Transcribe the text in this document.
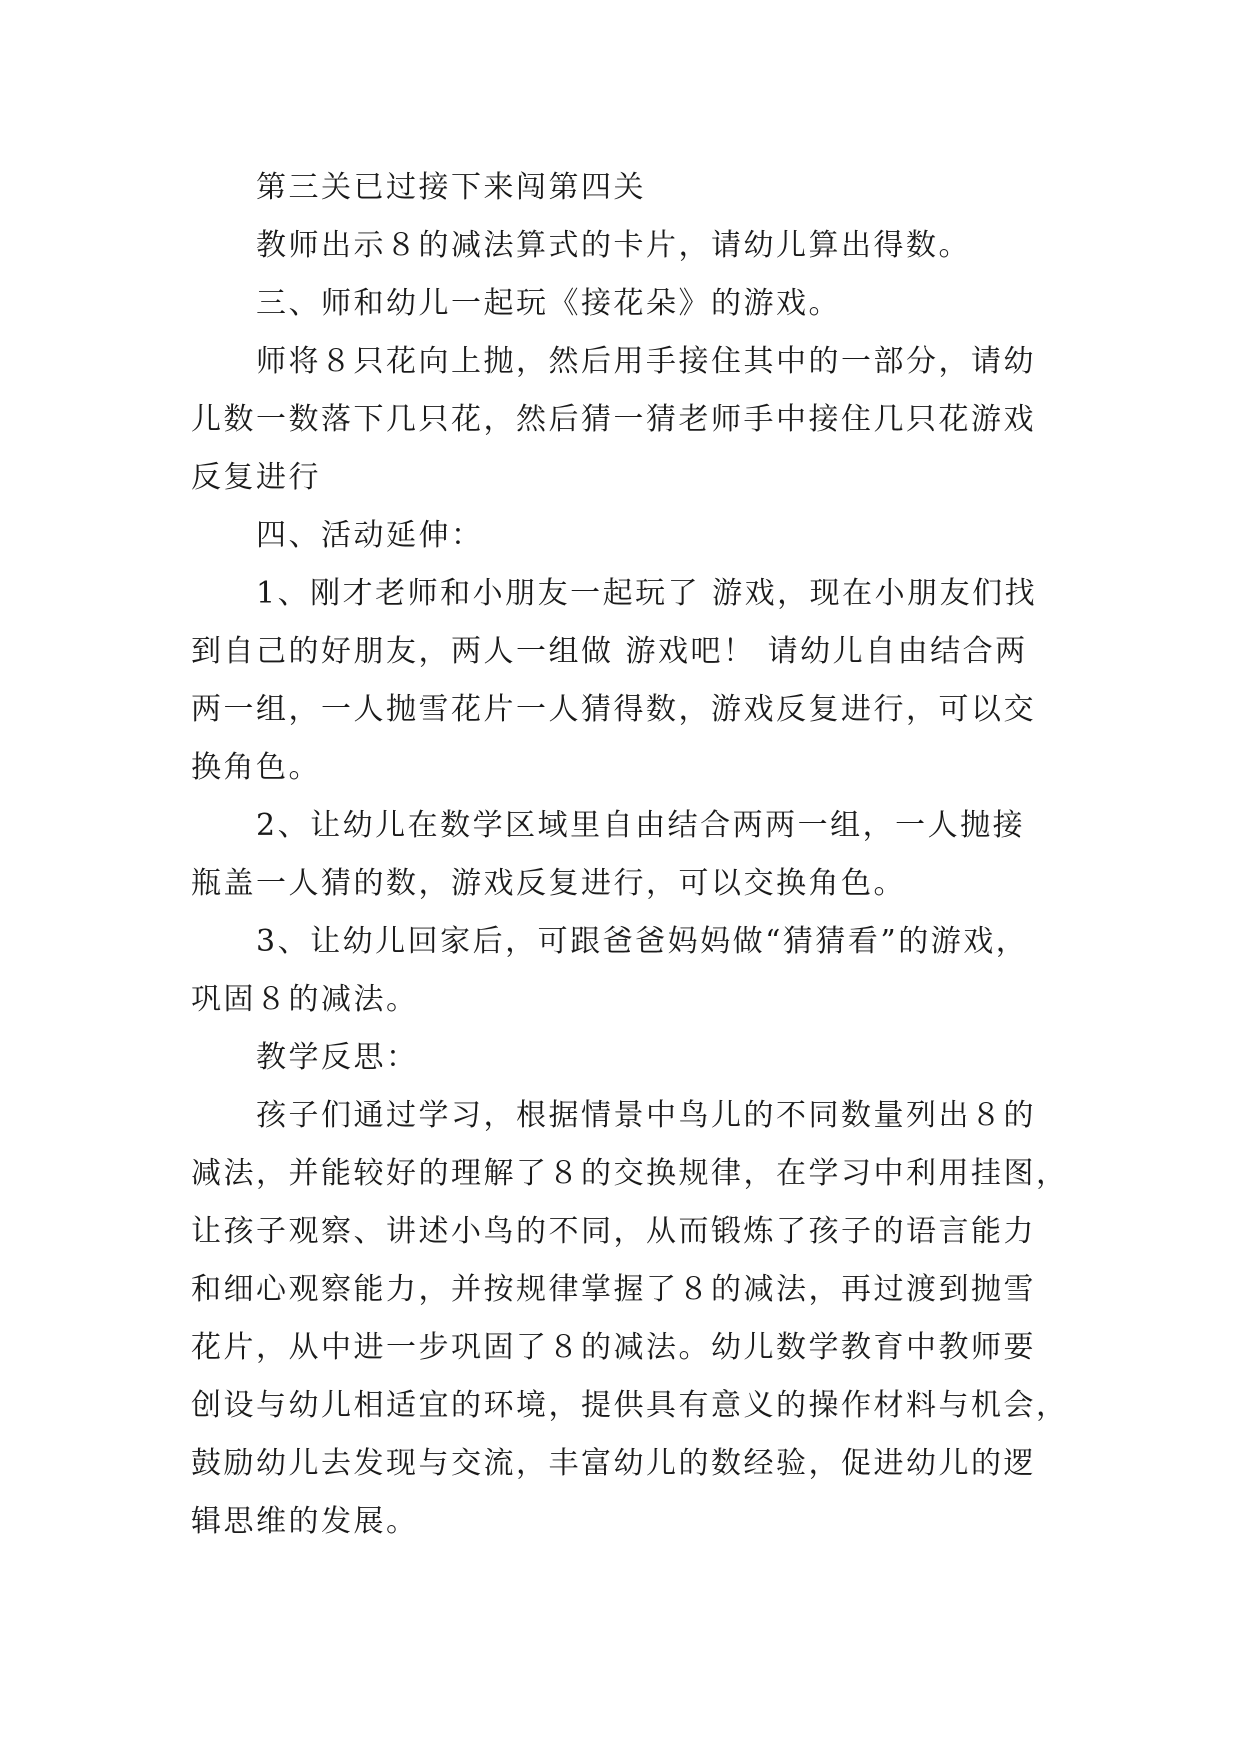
第三关已过接下来闯第四关
教师出示８的减法算式的卡片，请幼儿算出得数。
三、师和幼儿一起玩《接花朵》的游戏。
师将８只花向上抛，然后用手接住其中的一部分，请幼
儿数一数落下几只花，然后猜一猜老师手中接住几只花游戏
反复进行
四、活动延伸：
1、刚才老师和小朋友一起玩了 游戏，现在小朋友们找
到自己的好朋友，两人一组做 游戏吧！ 请幼儿自由结合两
两一组，一人抛雪花片一人猜得数，游戏反复进行，可以交
换角色。
2、让幼儿在数学区域里自由结合两两一组，一人抛接
瓶盖一人猜的数，游戏反复进行，可以交换角色。
3、让幼儿回家后，可跟爸爸妈妈做“猜猜看”的游戏，
巩固８的减法。
教学反思：
孩子们通过学习，根据情景中鸟儿的不同数量列出８的
减法，并能较好的理解了８的交换规律，在学习中利用挂图，
让孩子观察、讲述小鸟的不同，从而锻炼了孩子的语言能力
和细心观察能力，并按规律掌握了８的减法，再过渡到抛雪
花片，从中进一步巩固了８的减法。幼儿数学教育中教师要
创设与幼儿相适宜的环境，提供具有意义的操作材料与机会，
鼓励幼儿去发现与交流，丰富幼儿的数经验，促进幼儿的逻
辑思维的发展。
